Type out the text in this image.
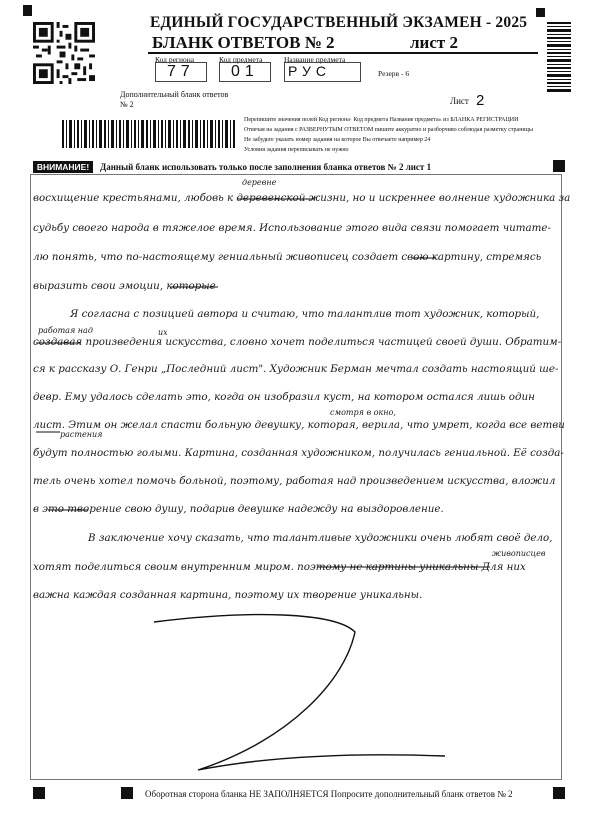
ЕДИНЫЙ ГОСУДАРСТВЕННЫЙ ЭКЗАМЕН - 2025
БЛАНК ОТВЕТОВ № 2	лист 2
Код региона	Код предмета	Название предмета
77 01 РУС	Резерв - 6
Дополнительный бланк ответов № 2	Лист 2
Перепишите значения полей Код региона· Код предмета Название предмета» из БЛАНКА РЕГИСТРАЦИИ
Отвечая на задания с РАЗВЕРНУТЫМ ОТВЕТОМ пишите аккуратно и разборчиво соблюдая разметку страницы
Не забудьте указать номер задания на которое Вы отвечаете например 24
Условия задания переписывать не нужно
ВНИМАНИЕ!	Данный бланк использовать только после заполнения бланка ответов № 2 лист 1
восхищение крестьянами, любовь к деревенской жизни, но и искреннее волнение художника за
судьбу своего народа в тяжелое время. Использование этого вида связи помогает читате-
лю понять, что по-настоящему гениальный живописец создает свою картину, стремясь
выразить свои эмоции, которые
Я согласна с позицией автора и считаю, что талантлив тот художник, который,
создавая произведения искусства, словно хочет поделиться частицей своей души. Обратим-
ся к рассказу О. Генри „Последний лист". Художник Берман мечтал создать настоящий ше-
девр. Ему удалось сделать это, когда он изобразил куст, на котором остался лишь один
лист. Этим он желал спасти больную девушку, которая, верила, что умрет, когда все ветви
будут полностью голыми. Картина, созданная художником, получилась гениальной. Её созда-
тель очень хотел помочь больной, поэтому, работая над произведением искусства, вложил
в это творение свою душу, подарив девушке надежду на выздоровление.
В заключение хочу сказать, что талантливые художники очень любят своё дело,
хотят поделиться своим внутренним миром. поэтому не картины уникальны Для них
важна каждая созданная картина, поэтому их творение уникальны.
деревне
работая над	их
смотря в окно,
растения
живописцев
Оборотная сторона бланка НЕ ЗАПОЛНЯЕТСЯ Попросите дополнительный бланк ответов № 2
